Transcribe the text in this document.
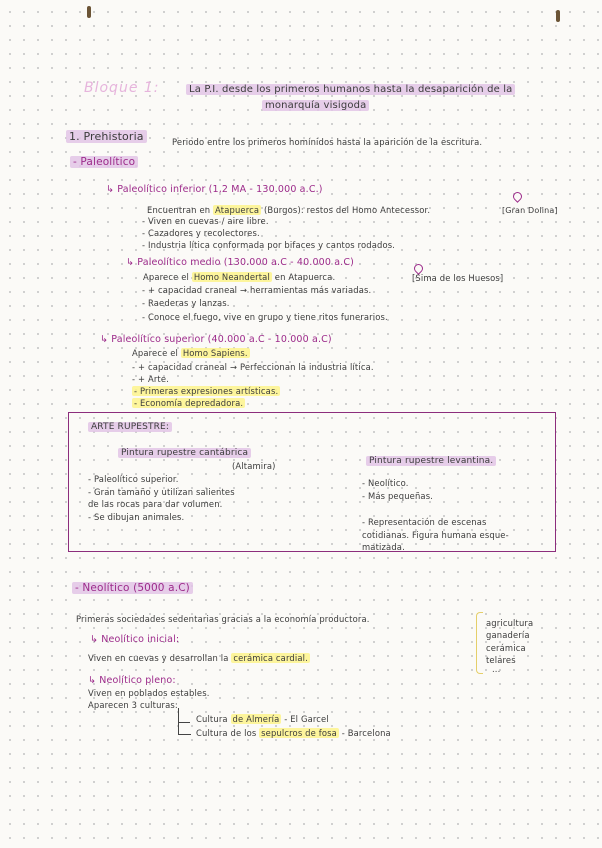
Bloque 1:	La P.I. desde los primeros humanos hasta la desaparición de la
monarquía visigoda
1. Prehistoria	Periodo entre los primeros homínidos hasta la aparición de la escritura.
- Paleolítico
↳ Paleolítico inferior (1,2 MA - 130.000 a.C.)
Encuentran en Atapuerca (Burgos): restos del Homo Antecessor.	[Gran Dolina]
- Viven en cuevas / aire libre.
- Cazadores y recolectores.
- Industria lítica conformada por bifaces y cantos rodados.
↳ Paleolítico medio (130.000 a.C - 40.000 a.C)
Aparece el Homo Neandertal en Atapuerca.	[Sima de los Huesos]
- + capacidad craneal → herramientas más variadas.
- Raederas y lanzas.
- Conoce el fuego, vive en grupo y tiene ritos funerarios.
↳ Paleolítico superior (40.000 a.C - 10.000 a.C)
Aparece el Homo Sapiens.
- + capacidad craneal → Perfeccionan la industria lítica.
- + Arte.
- Primeras expresiones artísticas.
- Economía depredadora.
ARTE RUPESTRE:
Pintura rupestre cantábrica
(Altamira)
- Paleolítico superior.
- Gran tamaño y utilizan salientes
de las rocas para dar volumen.
- Se dibujan animales.
Pintura rupestre levantina.
- Neolítico.
- Más pequeñas.
- Representación de escenas
cotidianas. Figura humana esque-
matizada.
- Neolítico (5000 a.C)
Primeras sociedades sedentarias gracias a la economía productora.	agricultura
ganadería
cerámica
telares
...
↳ Neolítico inicial:
Viven en cuevas y desarrollan la cerámica cardial.
↳ Neolítico pleno:
Viven en poblados estables.
Aparecen 3 culturas:
Cultura de Almería - El Garcel
Cultura de los sepulcros de fosa - Barcelona
